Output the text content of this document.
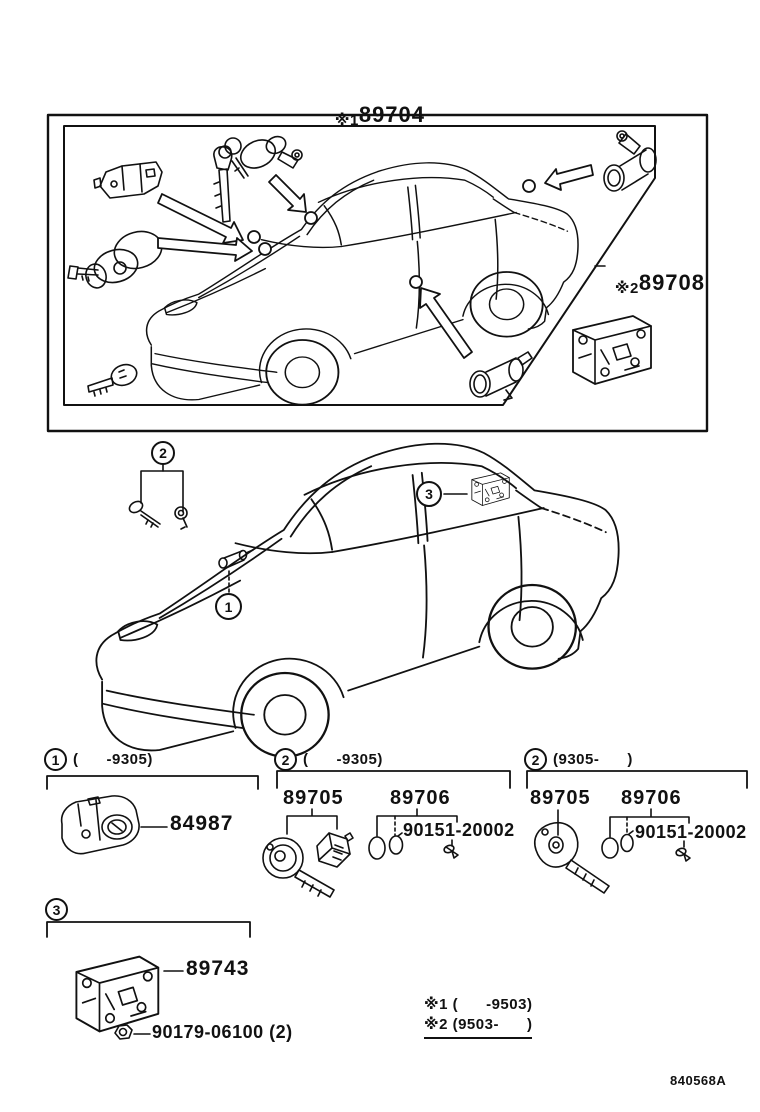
※189704

※289708

2
1
3
1 (      -9305)	2 (      -9305)	2 (9305-      )
3
84987
89705 89706
90151-20002
89705 89706
90151-20002
89743
90179-06100 (2)
※1 (      -9503)
※2 (9503-      )
840568A
